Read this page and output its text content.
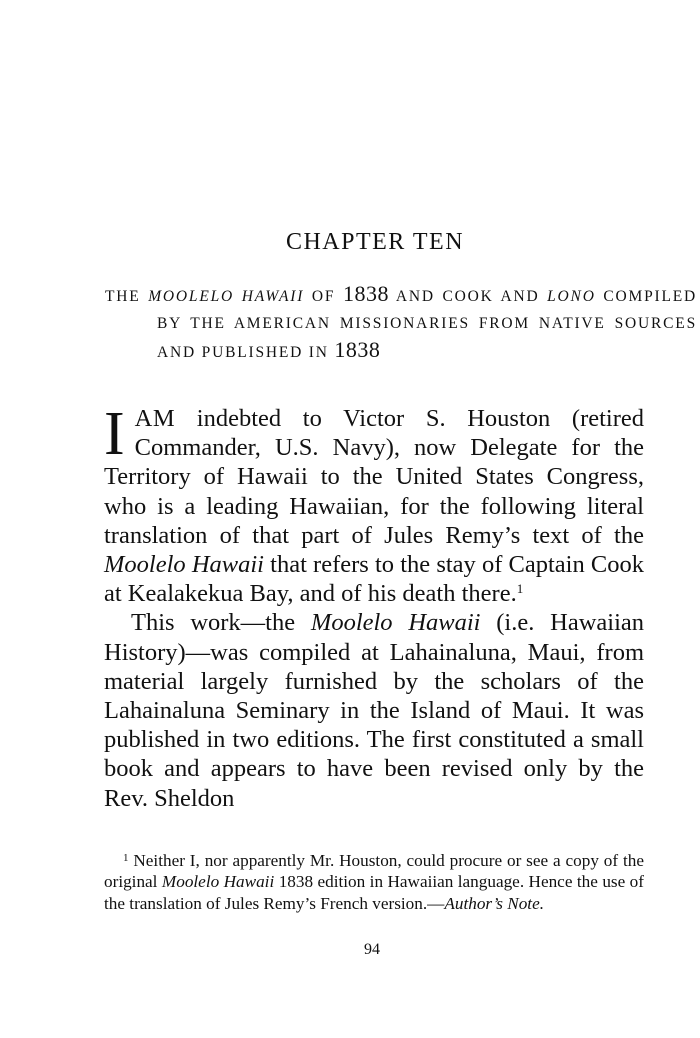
CHAPTER TEN
THE MOOLELO HAWAII OF 1838 AND COOK AND LONO COMPILED BY THE AMERICAN MISSIONARIES FROM NATIVE SOURCES AND PUBLISHED IN 1838

IAM indebted to Victor S. Houston (retired Commander, U.S. Navy), now Delegate for the Territory of Hawaii to the United States Congress, who is a leading Hawaiian, for the following literal translation of that part of Jules Remy’s text of the Moolelo Hawaii that refers to the stay of Captain Cook at Kealakekua Bay, and of his death there.$^1$

This work—the Moolelo Hawaii (i.e. Hawaiian History)—was compiled at Lahainaluna, Maui, from material largely furnished by the scholars of the Lahainaluna Seminary in the Island of Maui. It was published in two editions. The first constituted a small book and appears to have been revised only by the Rev. Sheldon

$^1$ Neither I, nor apparently Mr. Houston, could procure or see a copy of the original Moolelo Hawaii 1838 edition in Hawaiian language. Hence the use of the translation of Jules Remy’s French version.—Author’s Note.
94
